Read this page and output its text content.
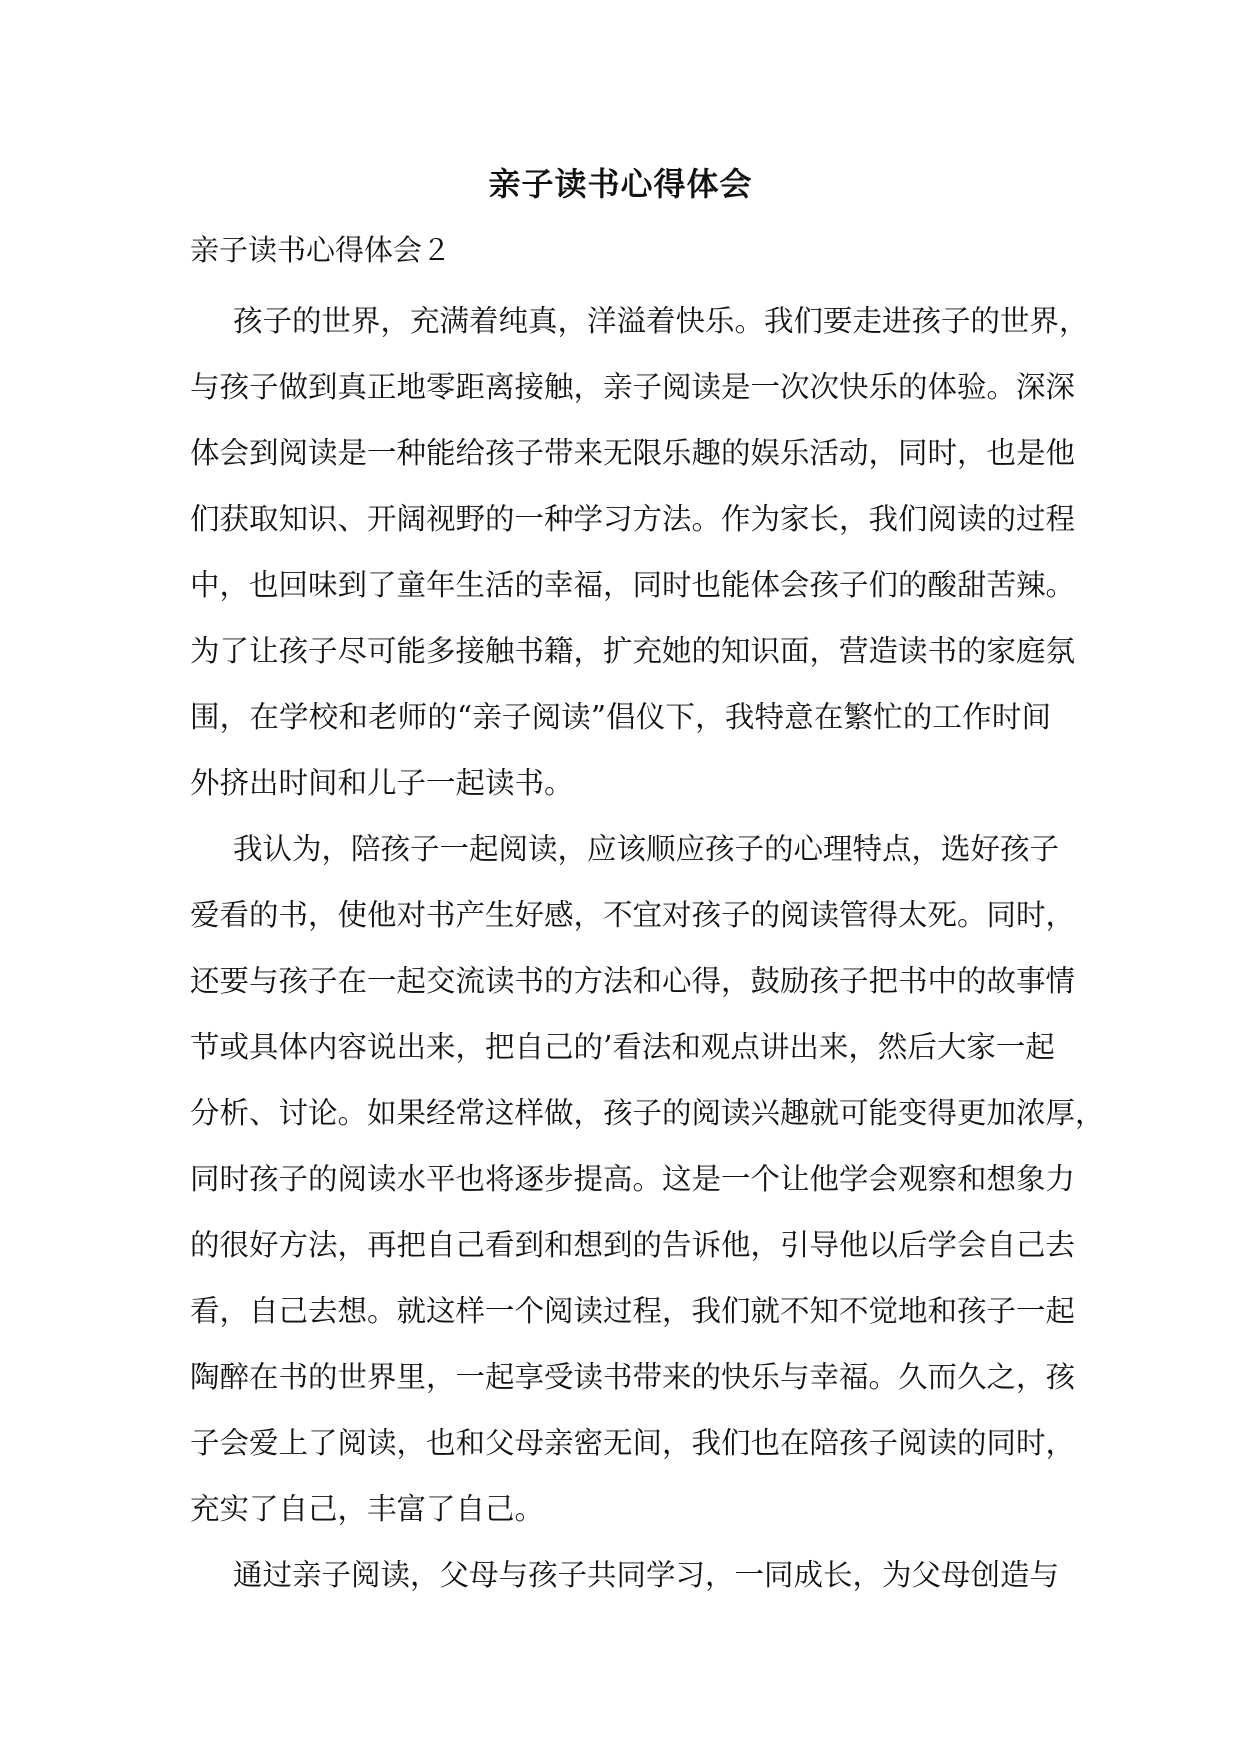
亲子读书心得体会
亲子读书心得体会２
孩子的世界，充满着纯真，洋溢着快乐。我们要走进孩子的世界，
与孩子做到真正地零距离接触，亲子阅读是一次次快乐的体验。深深
体会到阅读是一种能给孩子带来无限乐趣的娱乐活动，同时，也是他
们获取知识、开阔视野的一种学习方法。作为家长，我们阅读的过程
中，也回味到了童年生活的幸福，同时也能体会孩子们的酸甜苦辣。
为了让孩子尽可能多接触书籍，扩充她的知识面，营造读书的家庭氛
围，在学校和老师的“亲子阅读”倡仪下，我特意在繁忙的工作时间
外挤出时间和儿子一起读书。
我认为，陪孩子一起阅读，应该顺应孩子的心理特点，选好孩子
爱看的书，使他对书产生好感，不宜对孩子的阅读管得太死。同时，
还要与孩子在一起交流读书的方法和心得，鼓励孩子把书中的故事情
节或具体内容说出来，把自己的’看法和观点讲出来，然后大家一起
分析、讨论。如果经常这样做，孩子的阅读兴趣就可能变得更加浓厚，
同时孩子的阅读水平也将逐步提高。这是一个让他学会观察和想象力
的很好方法，再把自己看到和想到的告诉他，引导他以后学会自己去
看，自己去想。就这样一个阅读过程，我们就不知不觉地和孩子一起
陶醉在书的世界里，一起享受读书带来的快乐与幸福。久而久之，孩
子会爱上了阅读，也和父母亲密无间，我们也在陪孩子阅读的同时，
充实了自己，丰富了自己。
通过亲子阅读，父母与孩子共同学习，一同成长，为父母创造与
